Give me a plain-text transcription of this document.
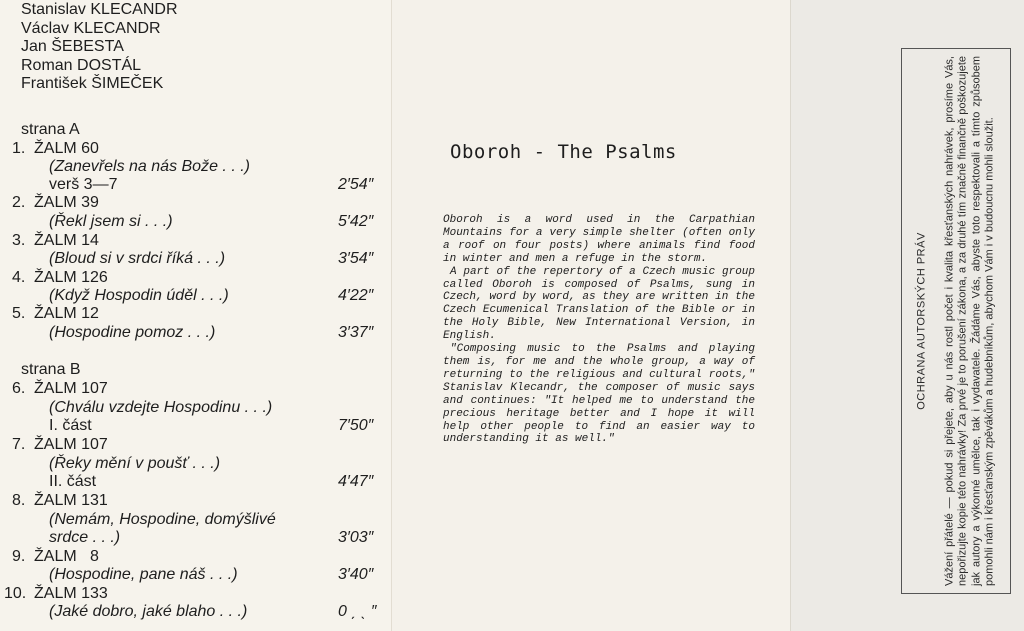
Stanislav KLECANDR
Václav KLECANDR
Jan ŠEBESTA
Roman DOSTÁL
František ŠIMEČEK
strana A
1. ŽALM 60
(Zanevřels na nás Bože . . .)
verš 3—7	2′54″
2. ŽALM 39
(Řekl jsem si . . .)	5′42″
3. ŽALM 14
(Bloud si v srdci říká . . .)	3′54″
4. ŽALM 126
(Když Hospodin úděl . . .)	4′22″
5. ŽALM 12
(Hospodine pomoz . . .)	3′37″
strana B
6. ŽALM 107
(Chválu vzdejte Hospodinu . . .)
I. část	7′50″
7. ŽALM 107
(Řeky mění v poušť . . .)
II. část	4′47″
8. ŽALM 131
(Nemám, Hospodine, domýšlivé
srdce . . .)	3′03″
9. ŽALM   8
(Hospodine, pane náš . . .)	3′40″
10. ŽALM 133
(Jaké dobro, jaké blaho . . .)	0 ˏ ˎ ″
Oboroh - The Psalms

Oboroh is a word used in the Carpathian Mountains for a very simple shelter (often only a roof on four posts) where animals find food in winter and men a refuge in the storm.

A part of the repertory of a Czech music group called Oboroh is composed of Psalms, sung in Czech, word by word, as they are written in the Czech Ecumenical Translation of the Bible or in the Holy Bible, New International Version, in English.

"Composing music to the Psalms and playing them is, for me and the whole group, a way of returning to the religious and cultural roots," Stanislav Klecandr, the composer of music says and continues: "It helped me to understand the precious heritage better and I hope it will help other people to find an easier way to understanding it as well."

OCHRANA AUTORSKÝCH PRÁV Vážení přátelé — pokud si přejete, aby u nás rostl počet i kvalita křesťanských nahrávek, prosíme Vás, nepořizujte kopie této nahrávky! Za prvé je to porušení zákona, a za druhé tím značně finančně poškozujete jak autory a výkonné umělce, tak i vydavatele. Žádáme Vás, abyste toto respektovali a tímto způsobem pomohli nám i křesťanským zpěvákům a hudebníkům, abychom Vám i v budoucnu mohli sloužit.
